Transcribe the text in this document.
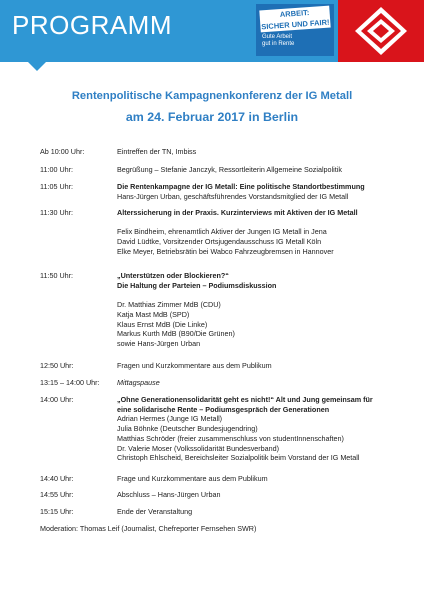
PROGRAMM	ARBEIT:
SICHER UND FAIR!
Gute Arbeit
gut in Rente
Rentenpolitische Kampagnenkonferenz der IG Metall
am 24. Februar 2017 in Berlin
Ab 10:00 Uhr:	Eintreffen der TN, Imbiss
11:00 Uhr:	Begrüßung – Stefanie Janczyk, Ressortleiterin Allgemeine Sozialpolitik
11:05 Uhr:	Die Rentenkampagne der IG Metall: Eine politische Standortbestimmung
Hans-Jürgen Urban, geschäftsführendes Vorstandsmitglied der IG Metall
11:30 Uhr:	Alterssicherung in der Praxis. Kurzinterviews mit Aktiven der IG Metall

Felix Bindheim, ehrenamtlich Aktiver der Jungen IG Metall in Jena
David Lüdtke, Vorsitzender Ortsjugendausschuss IG Metall Köln
Elke Meyer, Betriebsrätin bei Wabco Fahrzeugbremsen in Hannover
11:50 Uhr:	„Unterstützen oder Blockieren?“
Die Haltung der Parteien – Podiumsdiskussion

Dr. Matthias Zimmer MdB (CDU)
Katja Mast MdB (SPD)
Klaus Ernst MdB (Die Linke)
Markus Kurth MdB (B90/Die Grünen)
sowie Hans-Jürgen Urban
12:50 Uhr:	Fragen und Kurzkommentare aus dem Publikum
13:15 – 14:00 Uhr:	Mittagspause
14:00 Uhr:	„Ohne Generationensolidarität geht es nicht!“ Alt und Jung gemeinsam für
eine solidarische Rente – Podiumsgespräch der Generationen
Adrian Hermes (Junge IG Metall)
Julia Böhnke (Deutscher Bundesjugendring)
Matthias Schröder (freier zusammenschluss von studentInnenschaften)
Dr. Valerie Moser (Volkssolidarität Bundesverband)
Christoph Ehlscheid, Bereichsleiter Sozialpolitik beim Vorstand der IG Metall
14:40 Uhr:	Frage und Kurzkommentare aus dem Publikum
14:55 Uhr:	Abschluss – Hans-Jürgen Urban
15:15 Uhr:	Ende der Veranstaltung
Moderation: Thomas Leif (Journalist, Chefreporter Fernsehen SWR)
